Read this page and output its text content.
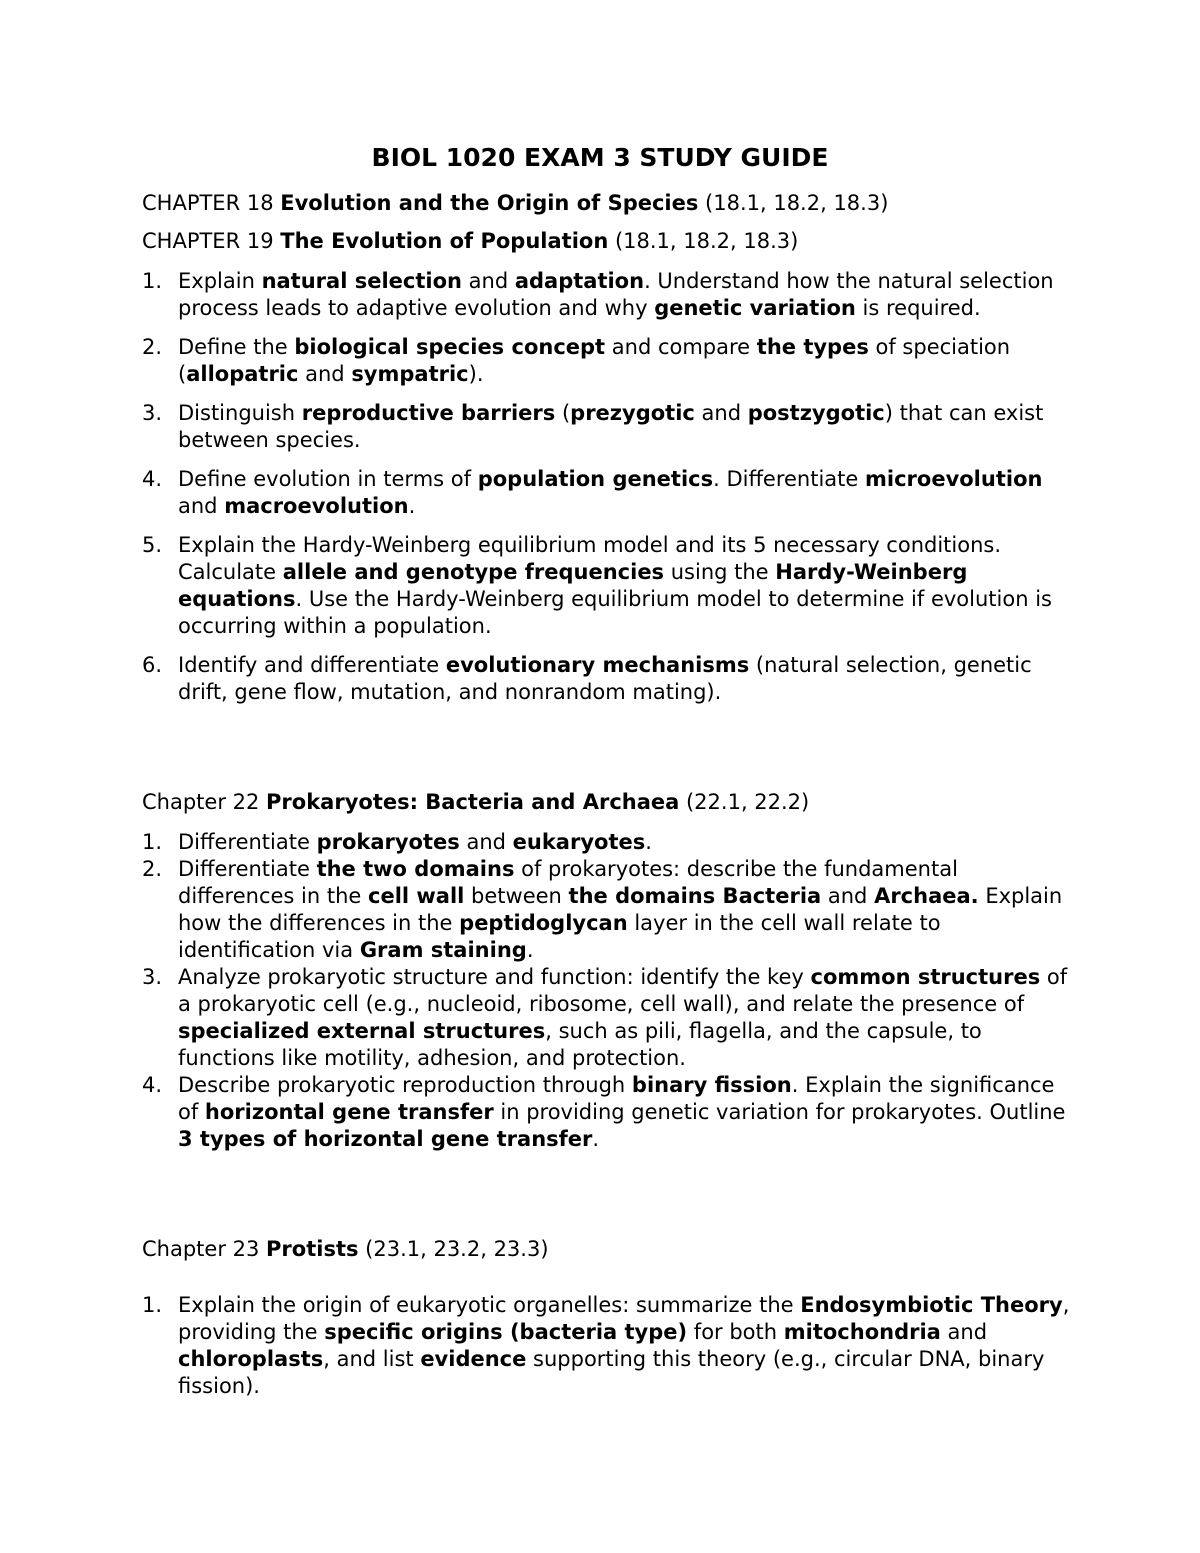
BIOL 1020 EXAM 3 STUDY GUIDE

CHAPTER 18 Evolution and the Origin of Species (18.1, 18.2, 18.3)

CHAPTER 19 The Evolution of Population (18.1, 18.2, 18.3)

1. Explain natural selection and adaptation. Understand how the natural selection process leads to adaptive evolution and why genetic variation is required.
2. Define the biological species concept and compare the types of speciation (allopatric and sympatric).
3. Distinguish reproductive barriers (prezygotic and postzygotic) that can exist between species.
4. Define evolution in terms of population genetics. Differentiate microevolution and macroevolution.
5. Explain the Hardy-Weinberg equilibrium model and its 5 necessary conditions. Calculate allele and genotype frequencies using the Hardy-Weinberg equations. Use the Hardy-Weinberg equilibrium model to determine if evolution is occurring within a population.
6. Identify and differentiate evolutionary mechanisms (natural selection, genetic drift, gene flow, mutation, and nonrandom mating).

Chapter 22 Prokaryotes: Bacteria and Archaea (22.1, 22.2)

1. Differentiate prokaryotes and eukaryotes.
2. Differentiate the two domains of prokaryotes: describe the fundamental differences in the cell wall between the domains Bacteria and Archaea. Explain how the differences in the peptidoglycan layer in the cell wall relate to identification via Gram staining.
3. Analyze prokaryotic structure and function: identify the key common structures of a prokaryotic cell (e.g., nucleoid, ribosome, cell wall), and relate the presence of specialized external structures, such as pili, flagella, and the capsule, to functions like motility, adhesion, and protection.
4. Describe prokaryotic reproduction through binary fission. Explain the significance of horizontal gene transfer in providing genetic variation for prokaryotes. Outline 3 types of horizontal gene transfer.

Chapter 23 Protists (23.1, 23.2, 23.3)

1. Explain the origin of eukaryotic organelles: summarize the Endosymbiotic Theory, providing the specific origins (bacteria type) for both mitochondria and chloroplasts, and list evidence supporting this theory (e.g., circular DNA, binary fission).
